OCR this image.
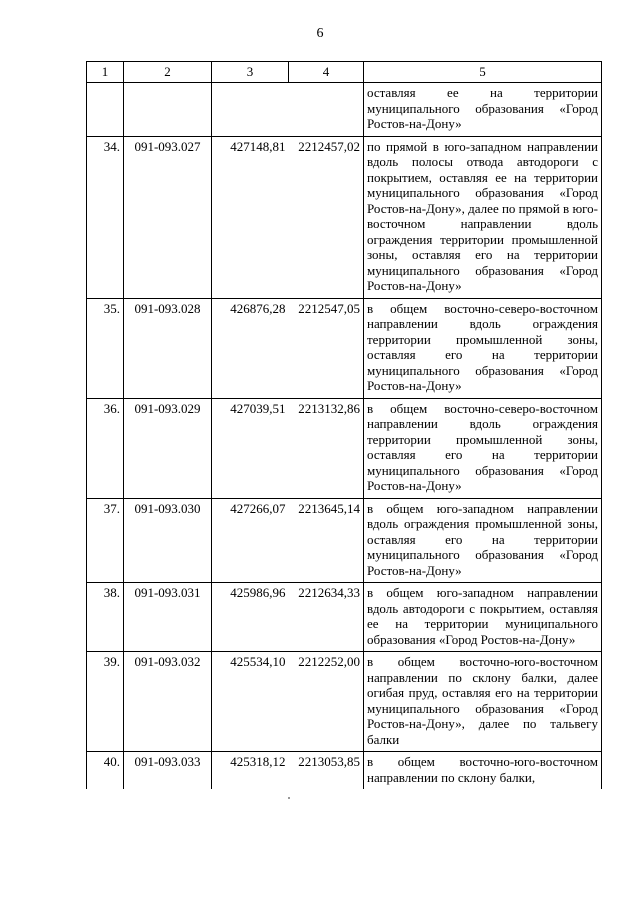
6
1	2	3	4	5
				оставляя ее на территории муниципального образования «Город Ростов-на-Дону»
34.	091-093.027	427148,81	2212457,02	по прямой в юго-западном направлении вдоль полосы отвода автодороги с покрытием, оставляя ее на территории муниципального образования «Город Ростов-на-Дону», далее по прямой в юго-восточном направлении вдоль ограждения территории промышленной зоны, оставляя его на территории муниципального образования «Город Ростов-на-Дону»
35.	091-093.028	426876,28	2212547,05	в общем восточно-северо-восточном направлении вдоль ограждения территории промышленной зоны, оставляя его на территории муниципального образования «Город Ростов-на-Дону»
36.	091-093.029	427039,51	2213132,86	в общем восточно-северо-восточном направлении вдоль ограждения территории промышленной зоны, оставляя его на территории муниципального образования «Город Ростов-на-Дону»
37.	091-093.030	427266,07	2213645,14	в общем юго-западном направлении вдоль ограждения промышленной зоны, оставляя его на территории муниципального образования «Город Ростов-на-Дону»
38.	091-093.031	425986,96	2212634,33	в общем юго-западном направлении вдоль автодороги с покрытием, оставляя ее на территории муниципального образования «Город Ростов-на-Дону»
39.	091-093.032	425534,10	2212252,00	в общем восточно-юго-восточном направлении по склону балки, далее огибая пруд, оставляя его на территории муниципального образования «Город Ростов-на-Дону», далее по тальвегу балки
40.	091-093.033	425318,12	2213053,85	в общем восточно-юго-восточном направлении по склону балки,
